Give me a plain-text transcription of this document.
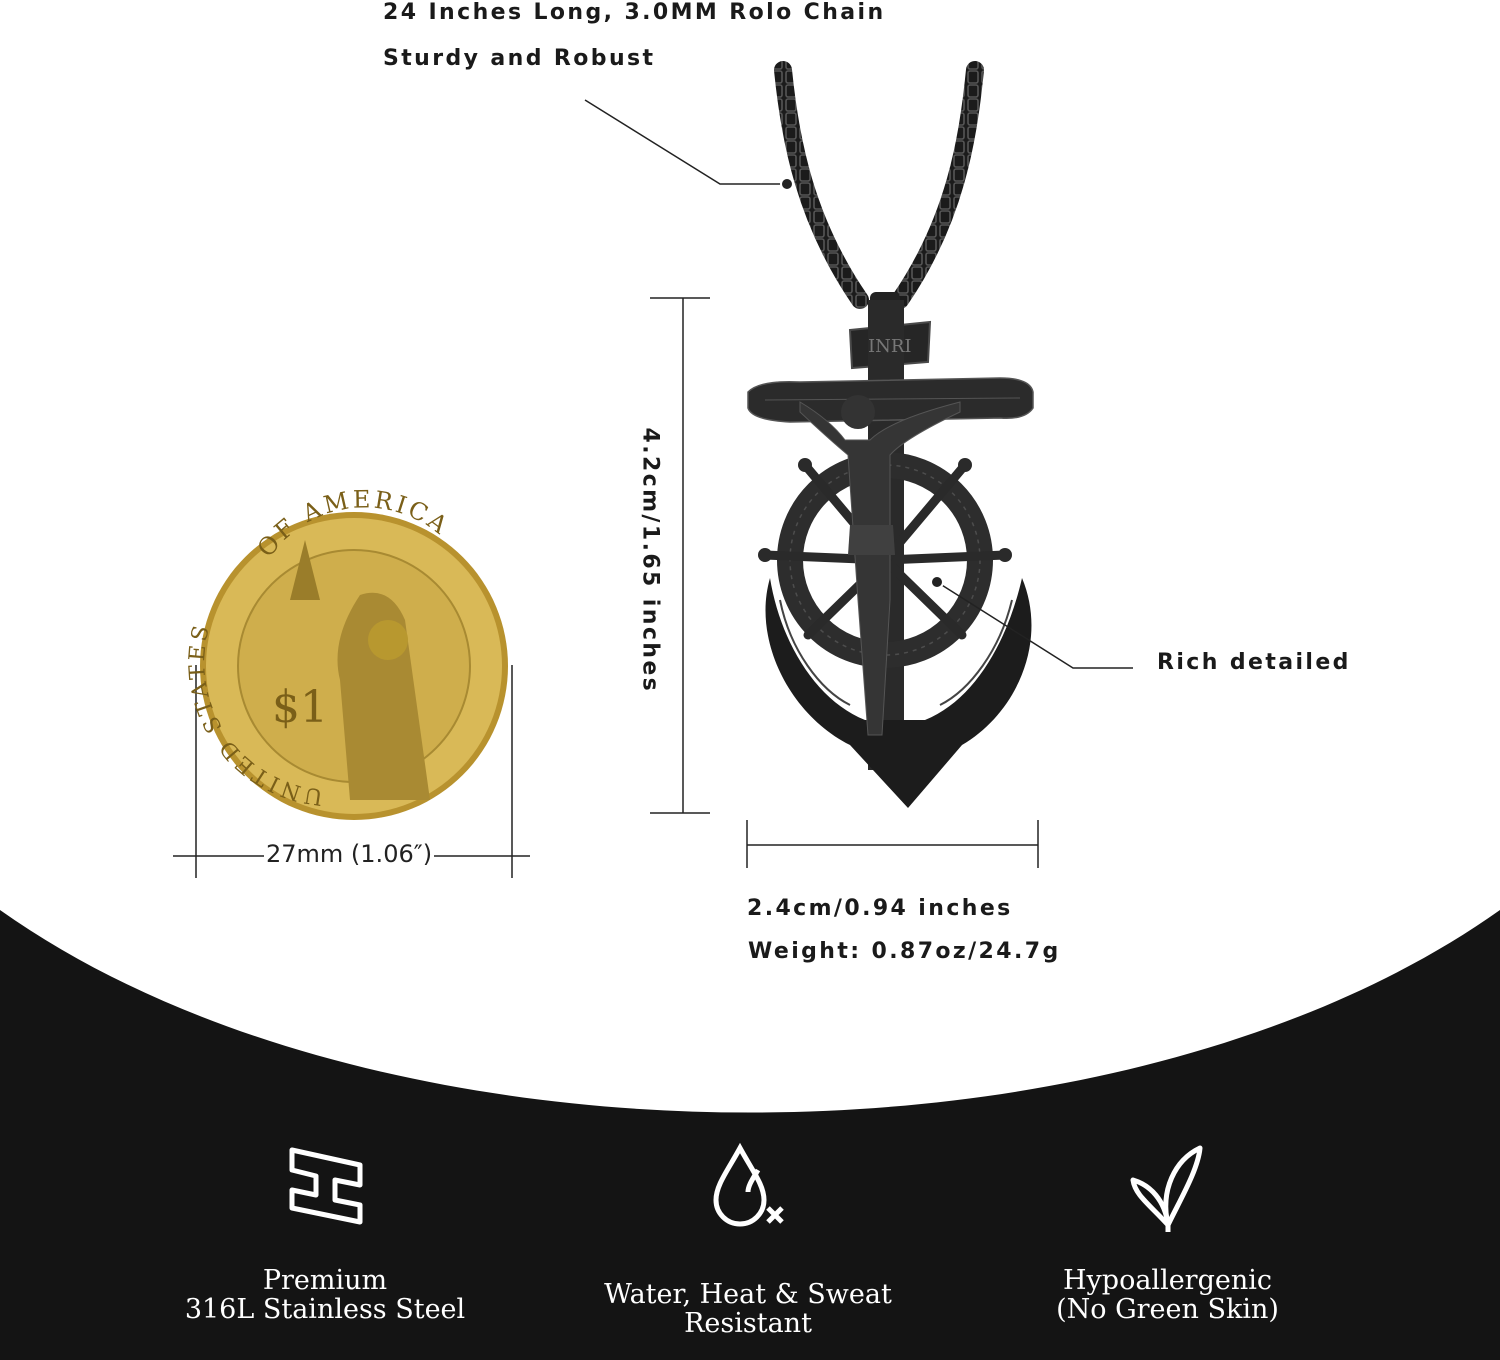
OF AMERICA
UNITED STATES
$1
INRI
24 Inches Long, 3.0MM Rolo Chain
Sturdy and Robust
Rich detailed
4.2cm/1.65 inches
2.4cm/0.94 inches
Weight: 0.87oz/24.7g
27mm (1.06″)
Premium
316L Stainless Steel	Water, Heat & Sweat Resistant
Hypoallergenic
(No Green Skin)
